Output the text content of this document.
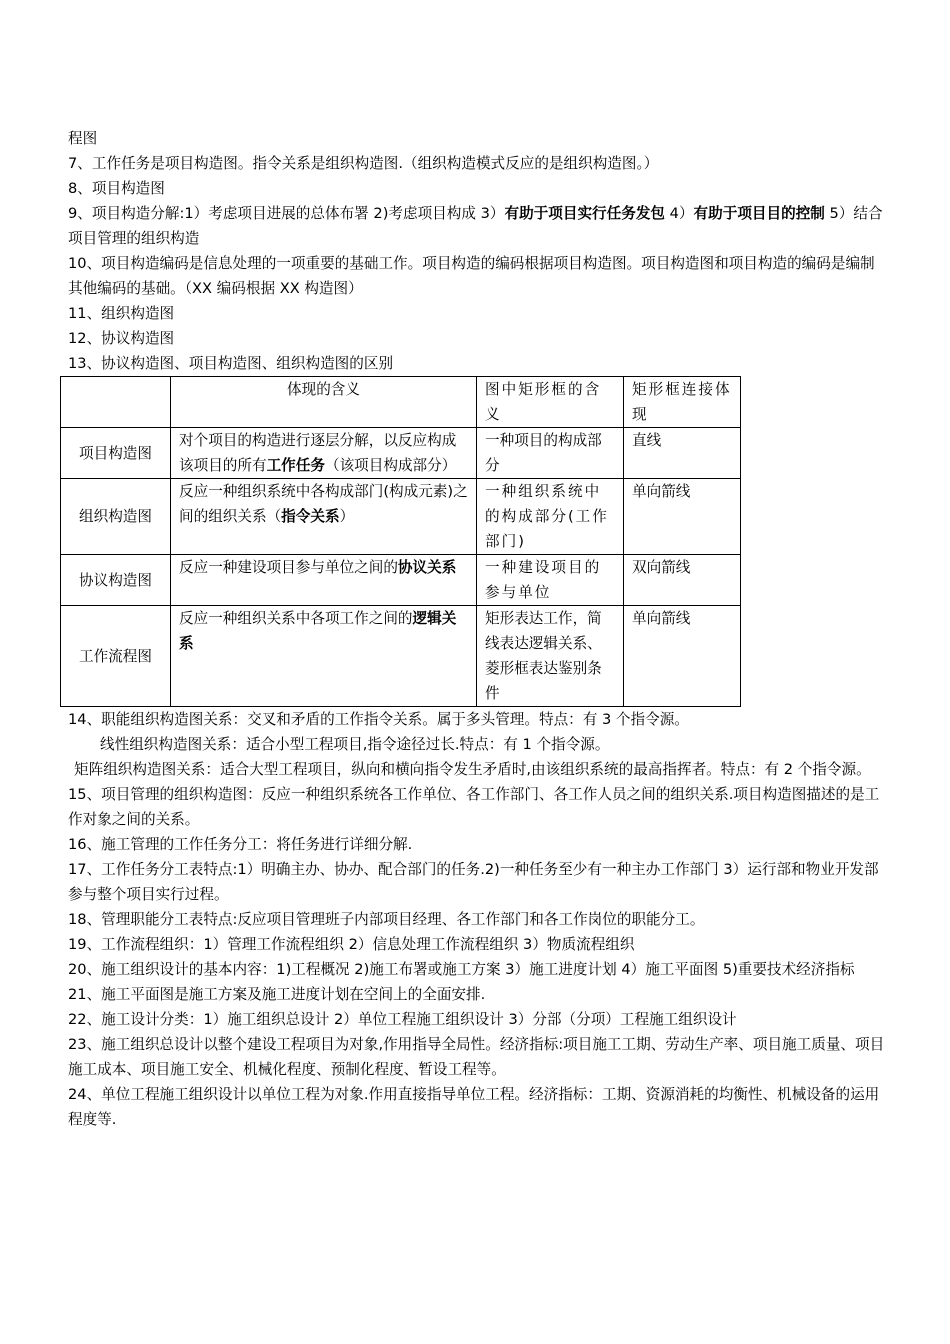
程图

7、工作任务是项目构造图。指令关系是组织构造图.（组织构造模式反应的是组织构造图。）

8、项目构造图

9、项目构造分解:1）考虑项目进展的总体布署 2)考虑项目构成 3）有助于项目实行任务发包 4）有助于项目目的控制 5）结合项目管理的组织构造

10、项目构造编码是信息处理的一项重要的基础工作。项目构造的编码根据项目构造图。项目构造图和项目构造的编码是编制其他编码的基础。（XX 编码根据 XX 构造图）

11、组织构造图

12、协议构造图

13、协议构造图、项目构造图、组织构造图的区别

	体现的含义	图中矩形框的含义	矩形框连接体现
项目构造图	对个项目的构造进行逐层分解，以反应构成该项目的所有工作任务（该项目构成部分）	一种项目的构成部分	直线
组织构造图	反应一种组织系统中各构成部门(构成元素)之间的组织关系（指令关系）	一种组织系统中的构成部分(工作部门)	单向箭线
协议构造图	反应一种建设项目参与单位之间的协议关系	一种建设项目的参与单位	双向箭线
工作流程图	反应一种组织关系中各项工作之间的逻辑关系	矩形表达工作，简线表达逻辑关系、菱形框表达鉴别条件	单向箭线

14、职能组织构造图关系：交叉和矛盾的工作指令关系。属于多头管理。特点：有 3 个指令源。

线性组织构造图关系：适合小型工程项目,指令途径过长.特点：有 1 个指令源。

矩阵组织构造图关系：适合大型工程项目，纵向和横向指令发生矛盾时,由该组织系统的最高指挥者。特点：有 2 个指令源。

15、项目管理的组织构造图：反应一种组织系统各工作单位、各工作部门、各工作人员之间的组织关系.项目构造图描述的是工作对象之间的关系。

16、施工管理的工作任务分工：将任务进行详细分解.

17、工作任务分工表特点:1）明确主办、协办、配合部门的任务.2)一种任务至少有一种主办工作部门 3）运行部和物业开发部参与整个项目实行过程。

18、管理职能分工表特点:反应项目管理班子内部项目经理、各工作部门和各工作岗位的职能分工。

19、工作流程组织：1）管理工作流程组织 2）信息处理工作流程组织 3）物质流程组织

20、施工组织设计的基本内容：1)工程概况 2)施工布署或施工方案 3）施工进度计划 4）施工平面图 5)重要技术经济指标

21、施工平面图是施工方案及施工进度计划在空间上的全面安排.

22、施工设计分类：1）施工组织总设计 2）单位工程施工组织设计 3）分部（分项）工程施工组织设计

23、施工组织总设计以整个建设工程项目为对象,作用指导全局性。经济指标:项目施工工期、劳动生产率、项目施工质量、项目施工成本、项目施工安全、机械化程度、预制化程度、暂设工程等。

24、单位工程施工组织设计以单位工程为对象.作用直接指导单位工程。经济指标：工期、资源消耗的均衡性、机械设备的运用程度等.
